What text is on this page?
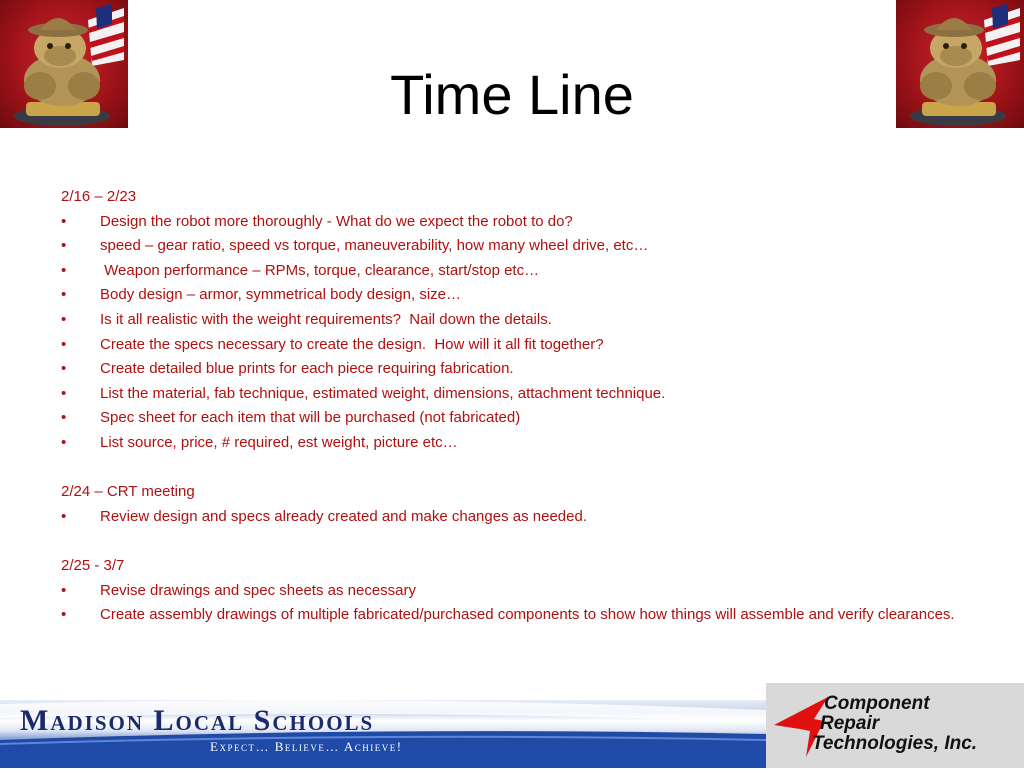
Time Line

2/16 – 2/23

• Design the robot more thoroughly - What do we expect the robot to do?

• speed – gear ratio, speed vs torque, maneuverability, how many wheel drive, etc…

• Weapon performance – RPMs, torque, clearance, start/stop etc…

• Body design – armor, symmetrical body design, size…

• Is it all realistic with the weight requirements?  Nail down the details.

• Create the specs necessary to create the design.  How will it all fit together?

• Create detailed blue prints for each piece requiring fabrication.

• List the material, fab technique, estimated weight, dimensions, attachment technique.

• Spec sheet for each item that will be purchased (not fabricated)

• List source, price, # required, est weight, picture etc…

2/24 – CRT meeting

• Review design and specs already created and make changes as needed.

2/25 - 3/7

• Revise drawings and spec sheets as necessary

• Create assembly drawings of multiple fabricated/purchased components to show how things will assemble and verify clearances.

Madison Local Schools
Expect… Believe… Achieve!
Component
Repair
Technologies, Inc.
